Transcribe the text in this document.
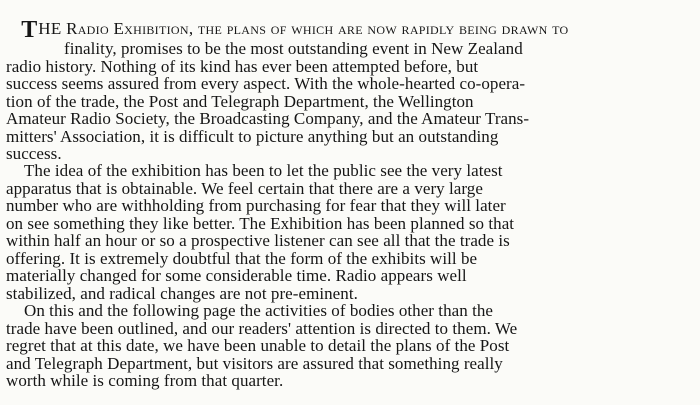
THE Radio Exhibition, the plans of which are now rapidly being drawn to

finality, promises to be the most outstanding event in New Zealand
radio history. Nothing of its kind has ever been attempted before, but
success seems assured from every aspect. With the whole-hearted co-opera-
tion of the trade, the Post and Telegraph Department, the Wellington
Amateur Radio Society, the Broadcasting Company, and the Amateur Trans-
mitters' Association, it is difficult to picture anything but an outstanding
success.
The idea of the exhibition has been to let the public see the very latest
apparatus that is obtainable. We feel certain that there are a very large
number who are withholding from purchasing for fear that they will later
on see something they like better. The Exhibition has been planned so that
within half an hour or so a prospective listener can see all that the trade is
offering. It is extremely doubtful that the form of the exhibits will be
materially changed for some considerable time. Radio appears well
stabilized, and radical changes are not pre-eminent.
On this and the following page the activities of bodies other than the
trade have been outlined, and our readers' attention is directed to them. We
regret that at this date, we have been unable to detail the plans of the Post
and Telegraph Department, but visitors are assured that something really
worth while is coming from that quarter.
